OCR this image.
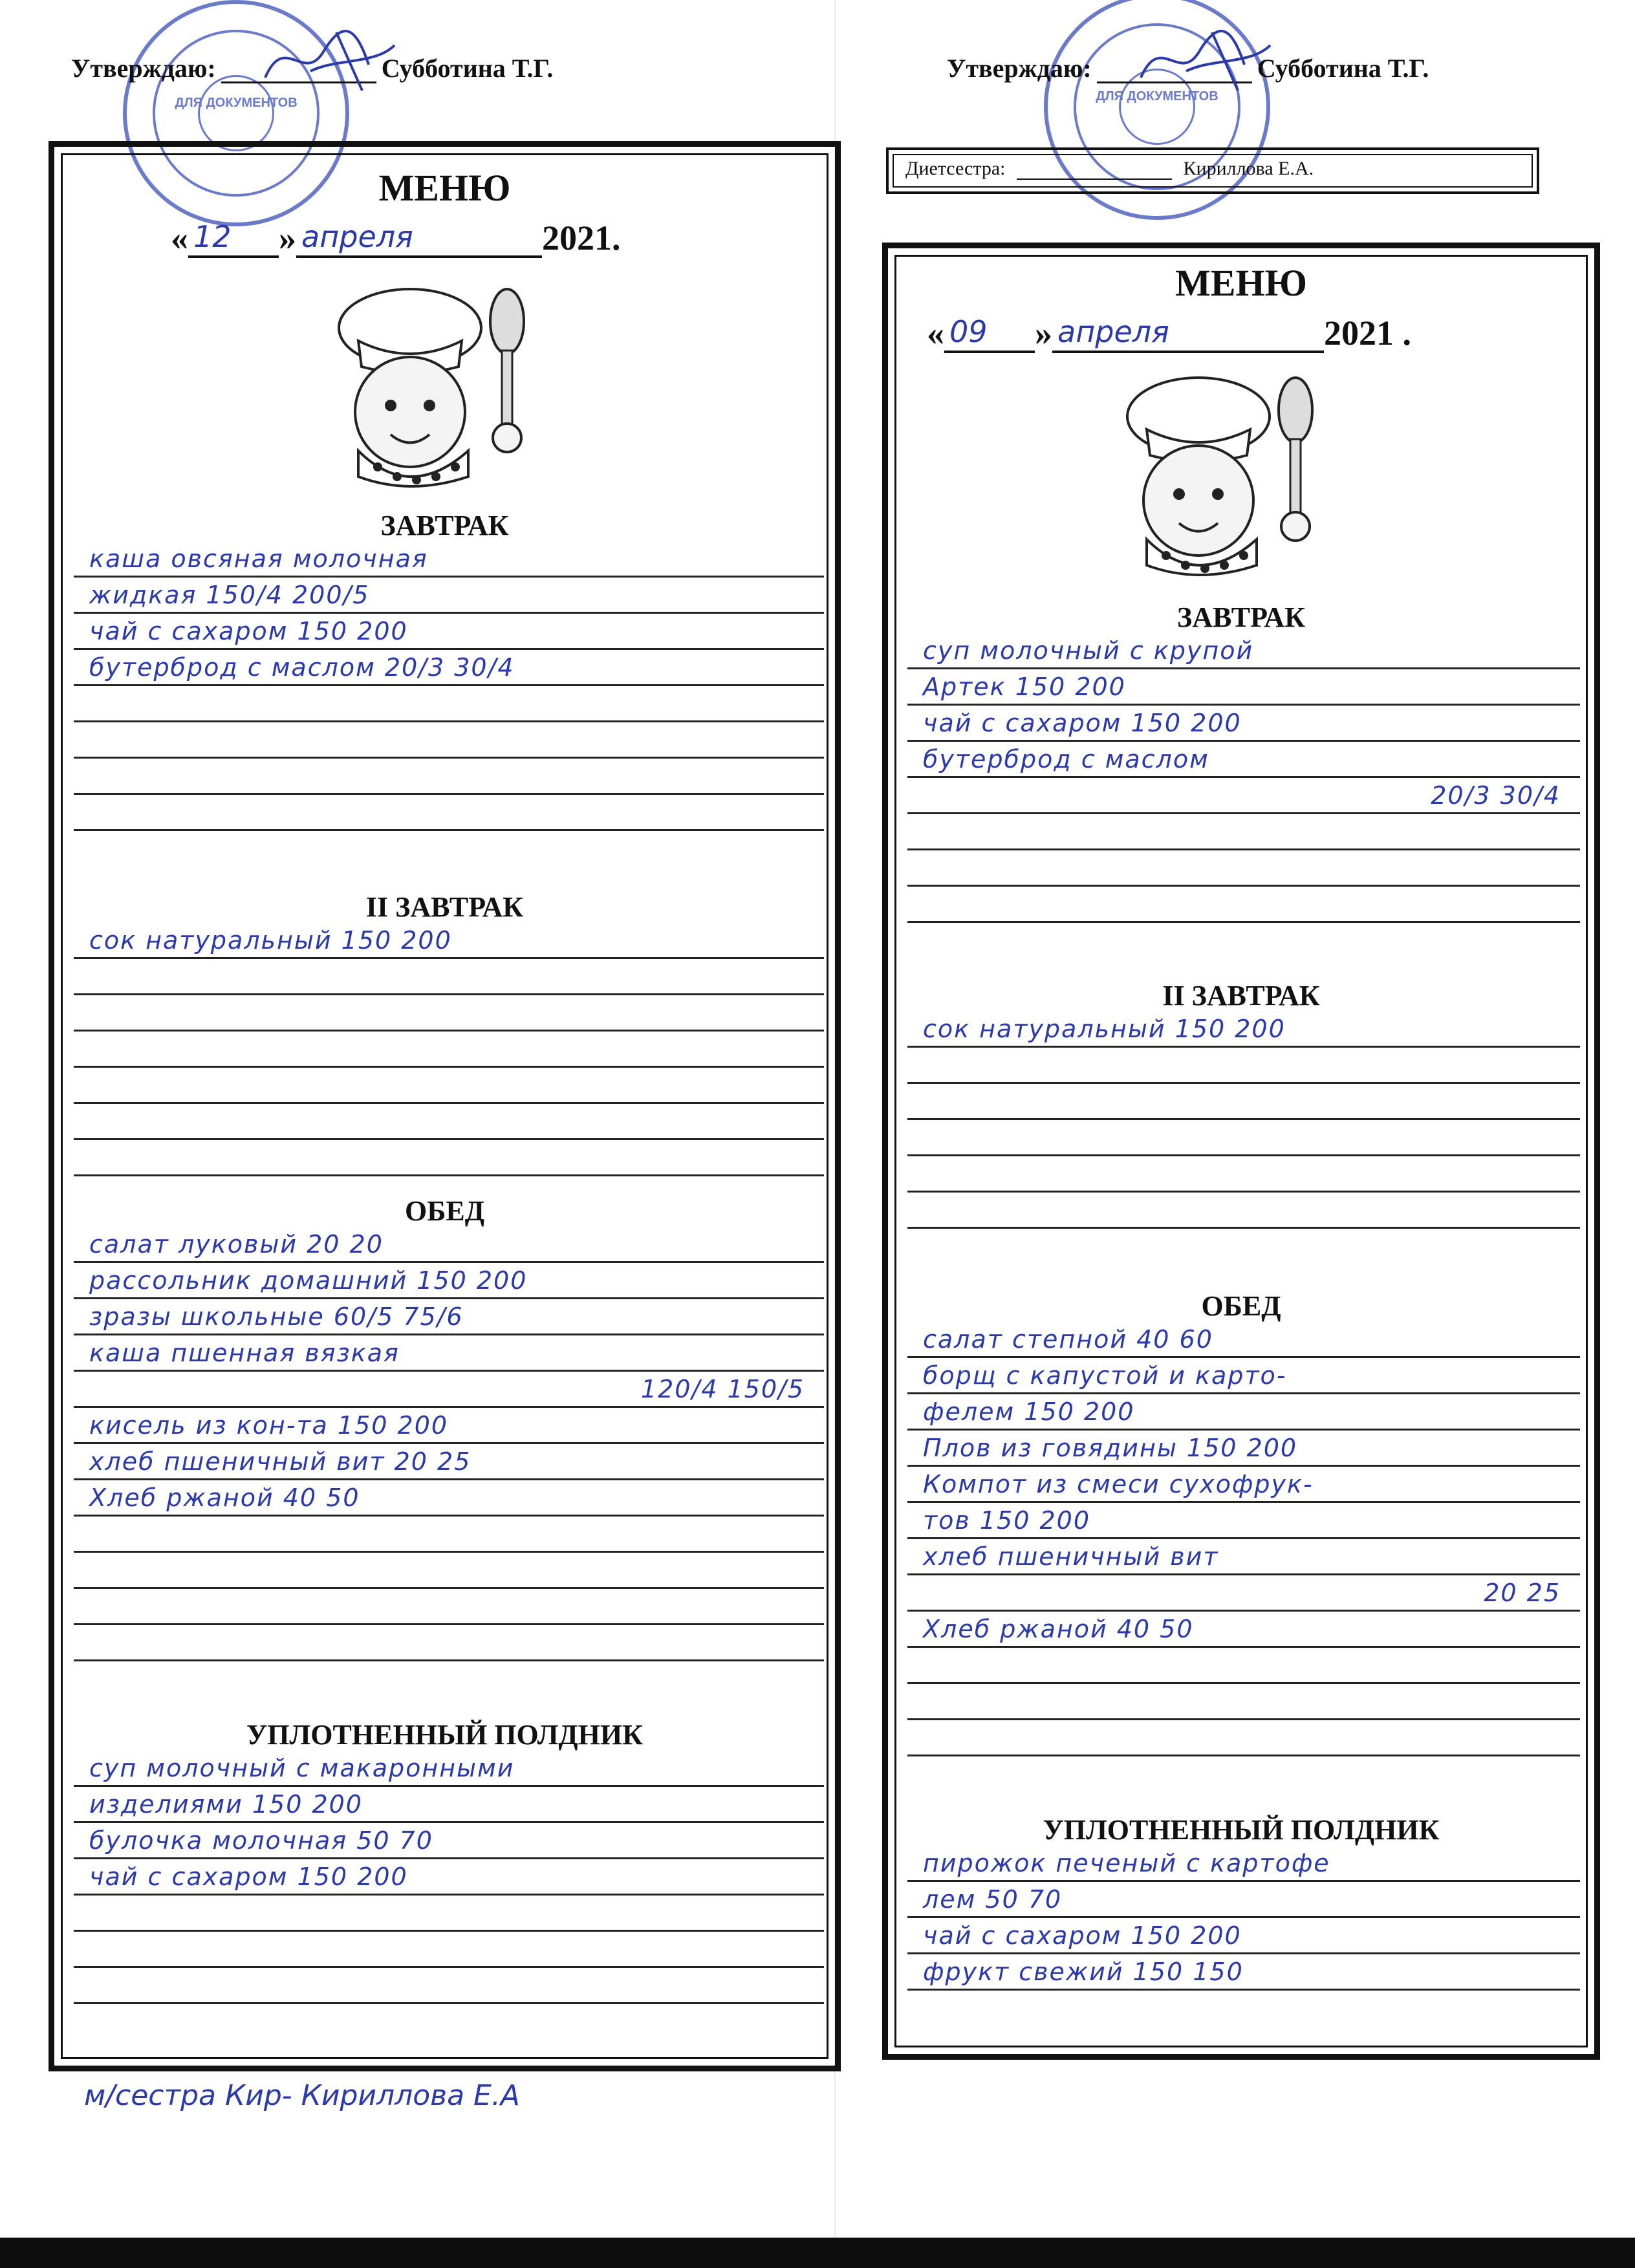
ДЛЯ ДОКУМЕНТОВ
Утверждаю:	Субботина Т.Г.
МЕНЮ
« 12 » апреля	2021.
ЗАВТРАК
каша овсяная молочная
жидкая 150/4 200/5
чай с сахаром 150 200
бутерброд с маслом 20/3 30/4
II ЗАВТРАК
сок натуральный 150 200
ОБЕД
салат луковый 20 20
рассольник домашний 150 200
зразы школьные 60/5 75/6
каша пшенная вязкая
120/4 150/5
кисель из кон-та 150 200
хлеб пшеничный вит 20 25
Хлеб ржаной 40 50
УПЛОТНЕННЫЙ ПОЛДНИК
суп молочный с макаронными
изделиями 150 200
булочка молочная 50 70
чай с сахаром 150 200
м/сестра Кир- Кириллова Е.А
ДЛЯ ДОКУМЕНТОВ
Утверждаю:	Субботина Т.Г.
Диетсестра:	Кириллова Е.А.
МЕНЮ
« 09 » апреля	2021 .
ЗАВТРАК
суп молочный с крупой
Артек 150 200
чай с сахаром 150 200
бутерброд с маслом
20/3 30/4
II ЗАВТРАК
сок натуральный 150 200
ОБЕД
салат степной 40 60
борщ с капустой и карто-
фелем 150 200
Плов из говядины 150 200
Компот из смеси сухофрук-
тов 150 200
хлеб пшеничный вит
20 25
Хлеб ржаной 40 50
УПЛОТНЕННЫЙ ПОЛДНИК
пирожок печеный с картофе
лем 50 70
чай с сахаром 150 200
фрукт свежий 150 150
